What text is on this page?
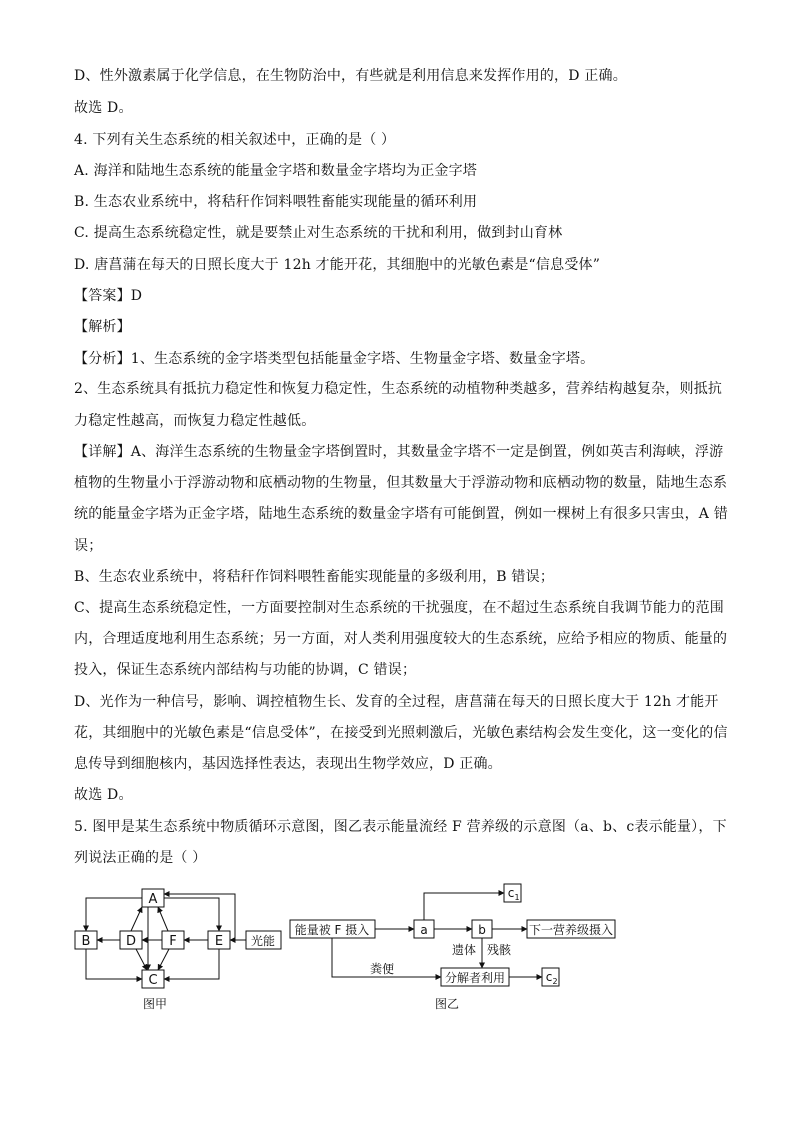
D、性外激素属于化学信息，在生物防治中，有些就是利用信息来发挥作用的，D 正确。
故选 D。
4. 下列有关生态系统的相关叙述中，正确的是（ ）
A. 海洋和陆地生态系统的能量金字塔和数量金字塔均为正金字塔
B. 生态农业系统中，将秸秆作饲料喂牲畜能实现能量的循环利用
C. 提高生态系统稳定性，就是要禁止对生态系统的干扰和利用，做到封山育林
D. 唐菖蒲在每天的日照长度大于 12h 才能开花，其细胞中的光敏色素是“信息受体”
【答案】D
【解析】
【分析】1、生态系统的金字塔类型包括能量金字塔、生物量金字塔、数量金字塔。
2、生态系统具有抵抗力稳定性和恢复力稳定性，生态系统的动植物种类越多，营养结构越复杂，则抵抗
力稳定性越高，而恢复力稳定性越低。
【详解】A、海洋生态系统的生物量金字塔倒置时，其数量金字塔不一定是倒置，例如英吉利海峡，浮游
植物的生物量小于浮游动物和底栖动物的生物量，但其数量大于浮游动物和底栖动物的数量，陆地生态系
统的能量金字塔为正金字塔，陆地生态系统的数量金字塔有可能倒置，例如一棵树上有很多只害虫，A 错
误；
B、生态农业系统中，将秸秆作饲料喂牲畜能实现能量的多级利用，B 错误；
C、提高生态系统稳定性，一方面要控制对生态系统的干扰强度，在不超过生态系统自我调节能力的范围
内，合理适度地利用生态系统；另一方面，对人类利用强度较大的生态系统，应给予相应的物质、能量的
投入，保证生态系统内部结构与功能的协调，C 错误；
D、光作为一种信号，影响、调控植物生长、发育的全过程，唐菖蒲在每天的日照长度大于 12h 才能开
花，其细胞中的光敏色素是“信息受体”，在接受到光照刺激后，光敏色素结构会发生变化，这一变化的信
息传导到细胞核内，基因选择性表达，表现出生物学效应，D 正确。
故选 D。
5. 图甲是某生态系统中物质循环示意图，图乙表示能量流经 F 营养级的示意图（a、b、c表示能量），下
列说法正确的是（ ）
A
B	D	F	E
C
光能
图甲
能量被 F 摄入	a	b	下一营养级摄入
c 1
遗体 残骸
粪便
分解者利用	c 2
图乙
